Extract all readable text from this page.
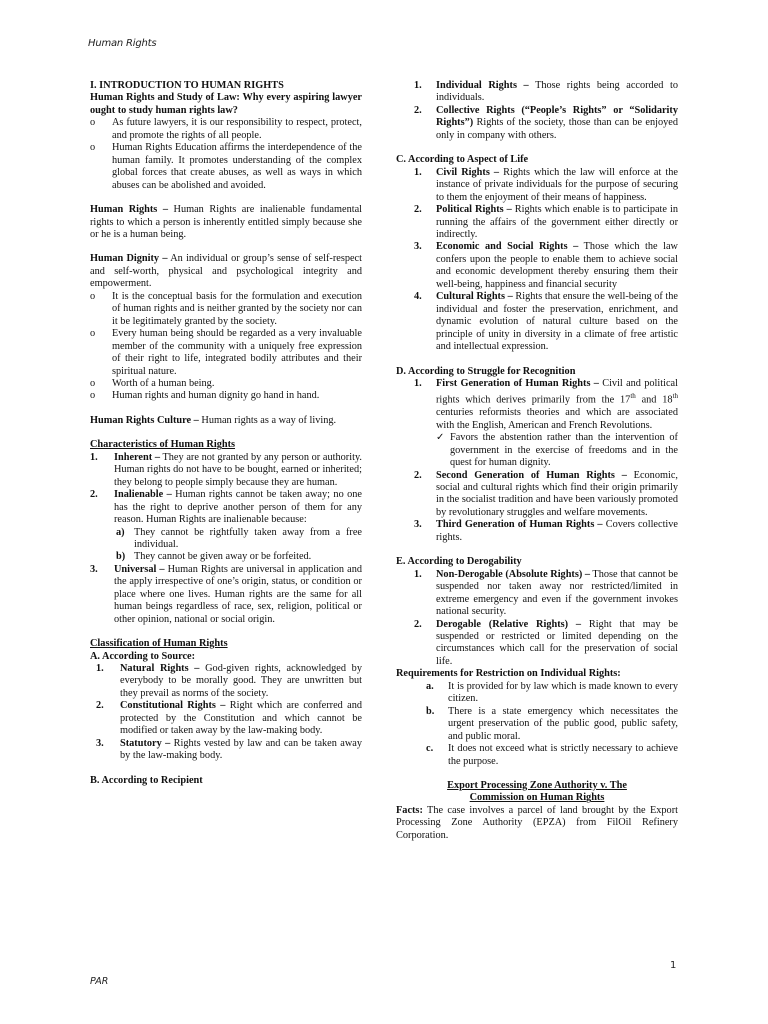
Human Rights
I. INTRODUCTION TO HUMAN RIGHTS
Human Rights and Study of Law: Why every aspiring lawyer ought to study human rights law?
o	As future lawyers, it is our responsibility to respect, protect, and promote the rights of all people.
o	Human Rights Education affirms the interdependence of the human family. It promotes understanding of the complex global forces that create abuses, as well as ways in which abuses can be abolished and avoided.
Human Rights – Human Rights are inalienable fundamental rights to which a person is inherently entitled simply because she or he is a human being.
Human Dignity – An individual or group’s sense of self-respect and self-worth, physical and psychological integrity and empowerment.
o	It is the conceptual basis for the formulation and execution of human rights and is neither granted by the society nor can it be legitimately granted by the society.
o	Every human being should be regarded as a very invaluable member of the community with a uniquely free expression of their right to life, integrated bodily attributes and their spiritual nature.
o	Worth of a human being.
o	Human rights and human dignity go hand in hand.
Human Rights Culture – Human rights as a way of living.
Characteristics of Human Rights
1.	Inherent – They are not granted by any person or authority. Human rights do not have to be bought, earned or inherited; they belong to people simply because they are human.
2.	Inalienable – Human rights cannot be taken away; no one has the right to deprive another person of them for any reason. Human Rights are inalienable because:
a) They cannot be rightfully taken away from a free individual.
b) They cannot be given away or be forfeited.
3.	Universal – Human Rights are universal in application and the apply irrespective of one’s origin, status, or condition or place where one lives. Human rights are the same for all human beings regardless of race, sex, religion, political or other opinion, national or social origin.
Classification of Human Rights
A. According to Source:
1.	Natural Rights – God-given rights, acknowledged by everybody to be morally good. They are unwritten but they prevail as norms of the society.
2.	Constitutional Rights – Right which are conferred and protected by the Constitution and which cannot be modified or taken away by the law-making body.
3.	Statutory – Rights vested by law and can be taken away by the law-making body.
B. According to Recipient
1.	Individual Rights – Those rights being accorded to individuals.
2.	Collective Rights (“People’s Rights” or “Solidarity Rights”) Rights of the society, those than can be enjoyed only in company with others.
C. According to Aspect of Life
1.	Civil Rights – Rights which the law will enforce at the instance of private individuals for the purpose of securing to them the enjoyment of their means of happiness.
2.	Political Rights – Rights which enable is to participate in running the affairs of the government either directly or indirectly.
3.	Economic and Social Rights – Those which the law confers upon the people to enable them to achieve social and economic development thereby ensuring them their well-being, happiness and financial security
4.	Cultural Rights – Rights that ensure the well-being of the individual and foster the preservation, enrichment, and dynamic evolution of natural culture based on the principle of unity in diversity in a climate of free artistic and intellectual expression.
D. According to Struggle for Recognition
1.	First Generation of Human Rights – Civil and political rights which derives primarily from the 17th and 18th centuries reformists theories and which are associated with the English, American and French Revolutions.
✓ Favors the abstention rather than the intervention of government in the exercise of freedoms and in the quest for human dignity.
2.	Second Generation of Human Rights – Economic, social and cultural rights which find their origin primarily in the socialist tradition and have been variously promoted by revolutionary struggles and welfare movements.
3.	Third Generation of Human Rights – Covers collective rights.
E. According to Derogability
1.	Non-Derogable (Absolute Rights) – Those that cannot be suspended nor taken away nor restricted/limited in extreme emergency and even if the government invokes national security.
2.	Derogable (Relative Rights) – Right that may be suspended or restricted or limited depending on the circumstances which call for the preservation of social life.
Requirements for Restriction on Individual Rights:
a.	It is provided for by law which is made known to every citizen.
b.	There is a state emergency which necessitates the urgent preservation of the public good, public safety, and public moral.
c.	It does not exceed what is strictly necessary to achieve the purpose.
Export Processing Zone Authority v. The
Commission on Human Rights
Facts: The case involves a parcel of land brought by the Export Processing Zone Authority (EPZA) from FilOil Refinery Corporation.
1
PAR
